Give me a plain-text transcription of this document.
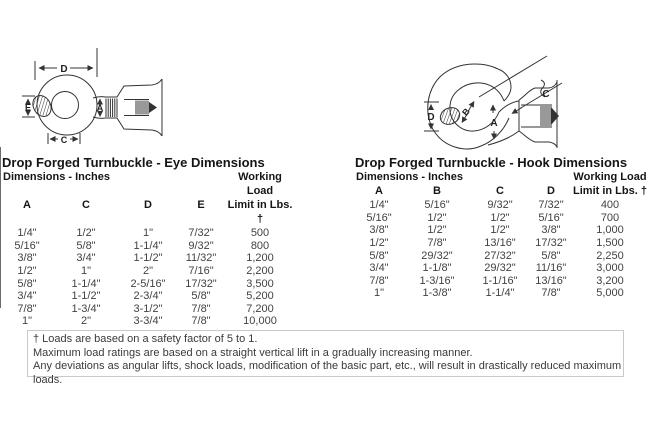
D
E	A
C
D	B
A
C
Drop Forged Turnbuckle - Eye Dimensions
Dimensions - Inches	Working Load
A	C	D	E	Limit in Lbs. †
1/4"	1/2"	1"	7/32"	500
5/16"	5/8"	1-1/4"	9/32"	800
3/8"	3/4"	1-1/2"	11/32"	1,200
1/2"	1"	2"	7/16"	2,200
5/8"	1-1/4"	2-5/16"	17/32"	3,500
3/4"	1-1/2"	2-3/4"	5/8"	5,200
7/8"	1-3/4"	3-1/2"	7/8"	7,200
1"	2"	3-3/4"	7/8"	10,000
Drop Forged Turnbuckle - Hook Dimensions
Dimensions - Inches	Working Load
A	B	C	D	Limit in Lbs. †
1/4"	5/16"	9/32"	7/32"	400
5/16"	1/2"	1/2"	5/16"	700
3/8"	1/2"	1/2"	3/8"	1,000
1/2"	7/8"	13/16"	17/32"	1,500
5/8"	29/32"	27/32"	5/8"	2,250
3/4"	1-1/8"	29/32"	11/16"	3,000
7/8"	1-3/16"	1-1/16"	13/16"	3,200
1"	1-3/8"	1-1/4"	7/8"	5,000
† Loads are based on a safety factor of 5 to 1.
Maximum load ratings are based on a straight vertical lift in a gradually increasing manner.
Any deviations as angular lifts, shock loads, modification of the basic part, etc., will result in drastically reduced maximum loads.
